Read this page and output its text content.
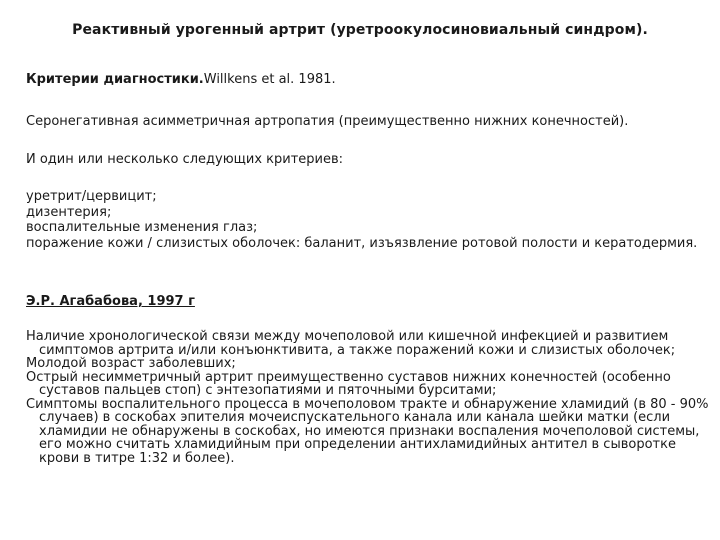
Реактивный урогенный артрит (уретроокулосиновиальный синдром).
Критерии диагностики.Willkens et al. 1981.
Серонегативная асимметричная артропатия (преимущественно нижних конечностей).
И один или несколько следующих критериев:
уретрит/цервицит;
дизентерия;
воспалительные изменения глаз;
поражение кожи / слизистых оболочек: баланит, изъязвление ротовой полости и кератодермия.
Э.Р. Агабабова, 1997 г
Наличие хронологической связи между мочеполовой или кишечной инфекцией и развитием симптомов артрита и/или конъюнктивита, а также поражений кожи и слизистых оболочек;
Молодой возраст заболевших;
Острый несимметричный артрит преимущественно суставов нижних конечностей (особенно суставов пальцев стоп) с энтезопатиями и пяточными бурситами;
Симптомы воспалительного процесса в мочеполовом тракте и обнаружение хламидий (в 80 - 90% случаев) в соскобах эпителия мочеиспускательного канала или канала шейки матки (если хламидии не обнаружены в соскобах, но имеются признаки воспаления мочеполовой системы, его можно считать хламидийным при определении антихламидийных антител в сыворотке крови в титре 1:32 и более).
